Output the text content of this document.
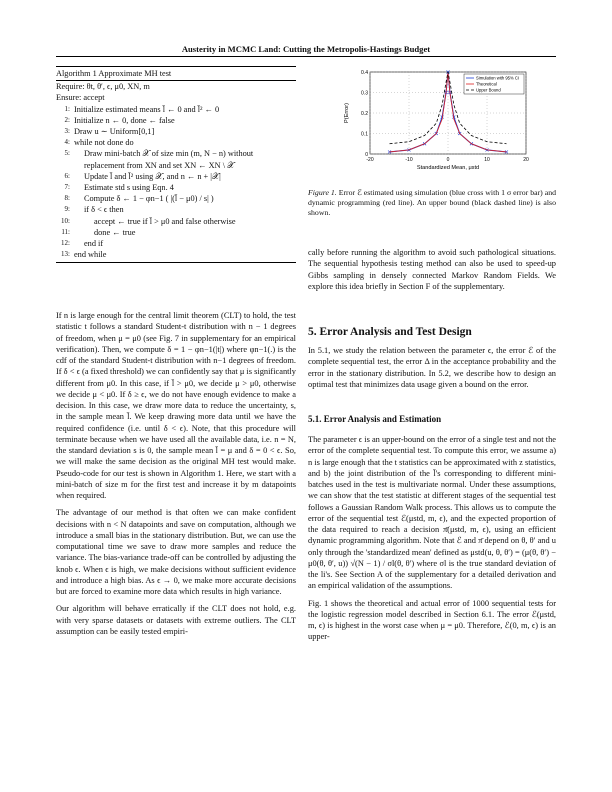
Austerity in MCMC Land: Cutting the Metropolis-Hastings Budget
Algorithm 1 Approximate MH test
Require: θt, θ′, ϵ, μ0, XN, m
Ensure: accept
1: Initialize estimated means l̄ ← 0 and l̄² ← 0
2: Initialize n ← 0, done ← false
3: Draw u ∼ Uniform[0,1]
4: while not done do
5:	Draw mini-batch 𝒳 of size min (m, N − n) without
replacement from XN and set XN ← XN \ 𝒳
6:	Update l̄ and l̄² using 𝒳, and n ← n + |𝒳|
7:	Estimate std s using Eqn. 4
8:	Compute δ ← 1 − φn−1 ( |(l̄ − μ0) / s| )
9:	if δ < ϵ then
10:	accept ← true if l̄ > μ0 and false otherwise
11:	done ← true
12:	end if
13: end while
-20	-10	0	10	20
0
0.1
0.2
0.3
0.4
Simulation with 95% CI
Theoretical
Upper Bound
Standardized Mean, μstd
P(Error)
Figure 1. Error ℰ estimated using simulation (blue cross with 1 σ error bar) and dynamic programming (red line). An upper bound (black dashed line) is also shown.

If n is large enough for the central limit theorem (CLT) to hold, the test statistic t follows a standard Student-t distribution with n − 1 degrees of freedom, when μ = μ0 (see Fig. 7 in supplementary for an empirical verification). Then, we compute δ = 1 − φn−1(|t|) where φn−1(.) is the cdf of the standard Student-t distribution with n−1 degrees of freedom. If δ < ϵ (a fixed threshold) we can confidently say that μ is significantly different from μ0. In this case, if l̄ > μ0, we decide μ > μ0, otherwise we decide μ < μ0. If δ ≥ ϵ, we do not have enough evidence to make a decision. In this case, we draw more data to reduce the uncertainty, s, in the sample mean l̄. We keep drawing more data until we have the required confidence (i.e. until δ < ϵ). Note, that this procedure will terminate because when we have used all the available data, i.e. n = N, the standard deviation s is 0, the sample mean l̄ = μ and δ = 0 < ϵ. So, we will make the same decision as the original MH test would make. Pseudo-code for our test is shown in Algorithm 1. Here, we start with a mini-batch of size m for the first test and increase it by m datapoints when required.

The advantage of our method is that often we can make confident decisions with n < N datapoints and save on computation, although we introduce a small bias in the stationary distribution. But, we can use the computational time we save to draw more samples and reduce the variance. The bias-variance trade-off can be controlled by adjusting the knob ϵ. When ϵ is high, we make decisions without sufficient evidence and introduce a high bias. As ϵ → 0, we make more accurate decisions but are forced to examine more data which results in high variance.

Our algorithm will behave erratically if the CLT does not hold, e.g. with very sparse datasets or datasets with extreme outliers. The CLT assumption can be easily tested empiri-

cally before running the algorithm to avoid such pathological situations. The sequential hypothesis testing method can also be used to speed-up Gibbs sampling in densely connected Markov Random Fields. We explore this idea briefly in Section F of the supplementary.

5. Error Analysis and Test Design

In 5.1, we study the relation between the parameter ϵ, the error ℰ of the complete sequential test, the error Δ in the acceptance probability and the error in the stationary distribution. In 5.2, we describe how to design an optimal test that minimizes data usage given a bound on the error.

5.1. Error Analysis and Estimation

The parameter ϵ is an upper-bound on the error of a single test and not the error of the complete sequential test. To compute this error, we assume a) n is large enough that the t statistics can be approximated with z statistics, and b) the joint distribution of the l̄'s corresponding to different mini-batches used in the test is multivariate normal. Under these assumptions, we can show that the test statistic at different stages of the sequential test follows a Gaussian Random Walk process. This allows us to compute the error of the sequential test ℰ(μstd, m, ϵ), and the expected proportion of the data required to reach a decision π̄(μstd, m, ϵ), using an efficient dynamic programming algorithm. Note that ℰ and π̄ depend on θ, θ′ and u only through the 'standardized mean' defined as μstd(u, θ, θ′) = (μ(θ, θ′) − μ0(θ, θ′, u)) √(N − 1) / σl(θ, θ′) where σl is the true standard deviation of the li's. See Section A of the supplementary for a detailed derivation and an empirical validation of the assumptions.

Fig. 1 shows the theoretical and actual error of 1000 sequential tests for the logistic regression model described in Section 6.1. The error ℰ(μstd, m, ϵ) is highest in the worst case when μ = μ0. Therefore, ℰ(0, m, ϵ) is an upper-
